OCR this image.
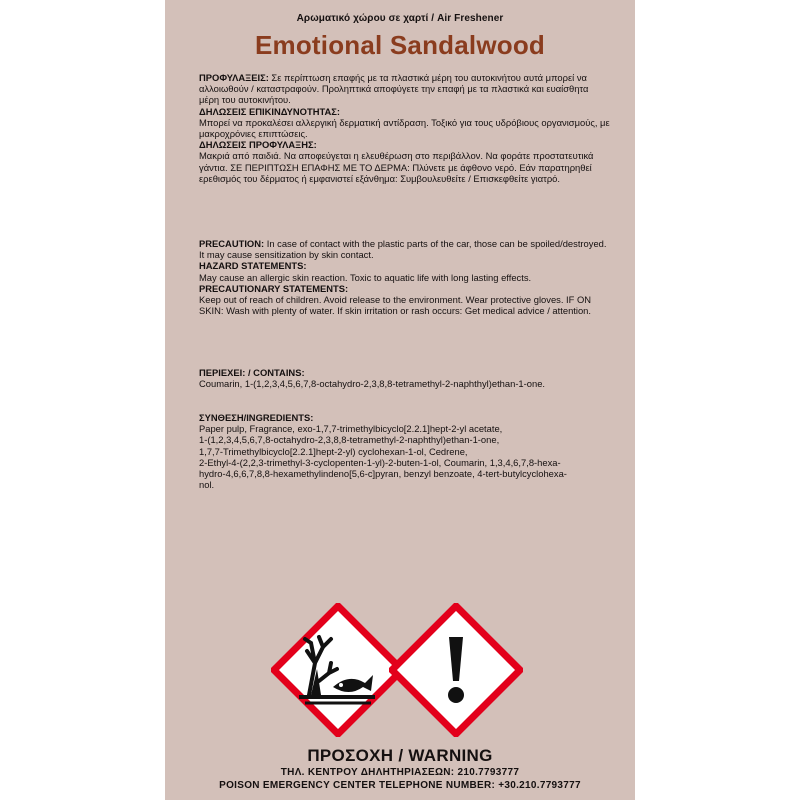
Αρωματικό χώρου σε χαρτί / Air Freshener
Emotional Sandalwood

ΠΡΟΦΥΛΑΞΕΙΣ: Σε περίπτωση επαφής με τα πλαστικά μέρη του αυτοκινήτου αυτά μπορεί να αλλοιωθούν / καταστραφούν. Προληπτικά αποφύγετε την επαφή με τα πλαστικά και ευαίσθητα μέρη του αυτοκινήτου.

ΔΗΛΩΣΕΙΣ ΕΠΙΚΙΝΔΥΝΟΤΗΤΑΣ:

Μπορεί να προκαλέσει αλλεργική δερματική αντίδραση. Τοξικό για τους υδρόβιους οργανισμούς, με μακροχρόνιες επιπτώσεις.

ΔΗΛΩΣΕΙΣ ΠΡΟΦΥΛΑΞΗΣ:

Μακριά από παιδιά. Να αποφεύγεται η ελευθέρωση στο περιβάλλον. Να φοράτε προστατευτικά γάντια. ΣΕ ΠΕΡΙΠΤΩΣΗ ΕΠΑΦΗΣ ΜΕ ΤΟ ΔΕΡΜΑ: Πλύνετε με άφθονο νερό. Εάν παρατηρηθεί ερεθισμός του δέρματος ή εμφανιστεί εξάνθημα: Συμβουλευθείτε / Επισκεφθείτε γιατρό.

PRECAUTION: In case of contact with the plastic parts of the car, those can be spoiled/destroyed. It may cause sensitization by skin contact.

HAZARD STATEMENTS:

May cause an allergic skin reaction. Toxic to aquatic life with long lasting effects.

PRECAUTIONARY STATEMENTS:

Keep out of reach of children. Avoid release to the environment. Wear protective gloves. IF ON SKIN: Wash with plenty of water. If skin irritation or rash occurs: Get medical advice / attention.

ΠΕΡΙΕΧΕΙ: / CONTAINS:

Coumarin, 1-(1,2,3,4,5,6,7,8-octahydro-2,3,8,8-tetramethyl-2-naphthyl)ethan-1-one.

ΣΥΝΘΕΣΗ/INGREDIENTS:

Paper pulp, Fragrance, exo-1,7,7-trimethylbicyclo[2.2.1]hept-2-yl acetate,
1-(1,2,3,4,5,6,7,8-octahydro-2,3,8,8-tetramethyl-2-naphthyl)ethan-1-one,
1,7,7-Trimethylbicyclo[2.2.1]hept-2-yl) cyclohexan-1-ol, Cedrene,
2-Ethyl-4-(2,2,3-trimethyl-3-cyclopenten-1-yl)-2-buten-1-ol, Coumarin, 1,3,4,6,7,8-hexa-
hydro-4,6,6,7,8,8-hexamethylindeno[5,6-c]pyran, benzyl benzoate, 4-tert-butylcyclohexa-
nol.
ΠΡΟΣΟΧΗ / WARNING
ΤΗΛ. ΚΕΝΤΡΟΥ ΔΗΛΗΤΗΡΙΑΣΕΩΝ: 210.7793777
POISON EMERGENCY CENTER TELEPHONE NUMBER: +30.210.7793777
